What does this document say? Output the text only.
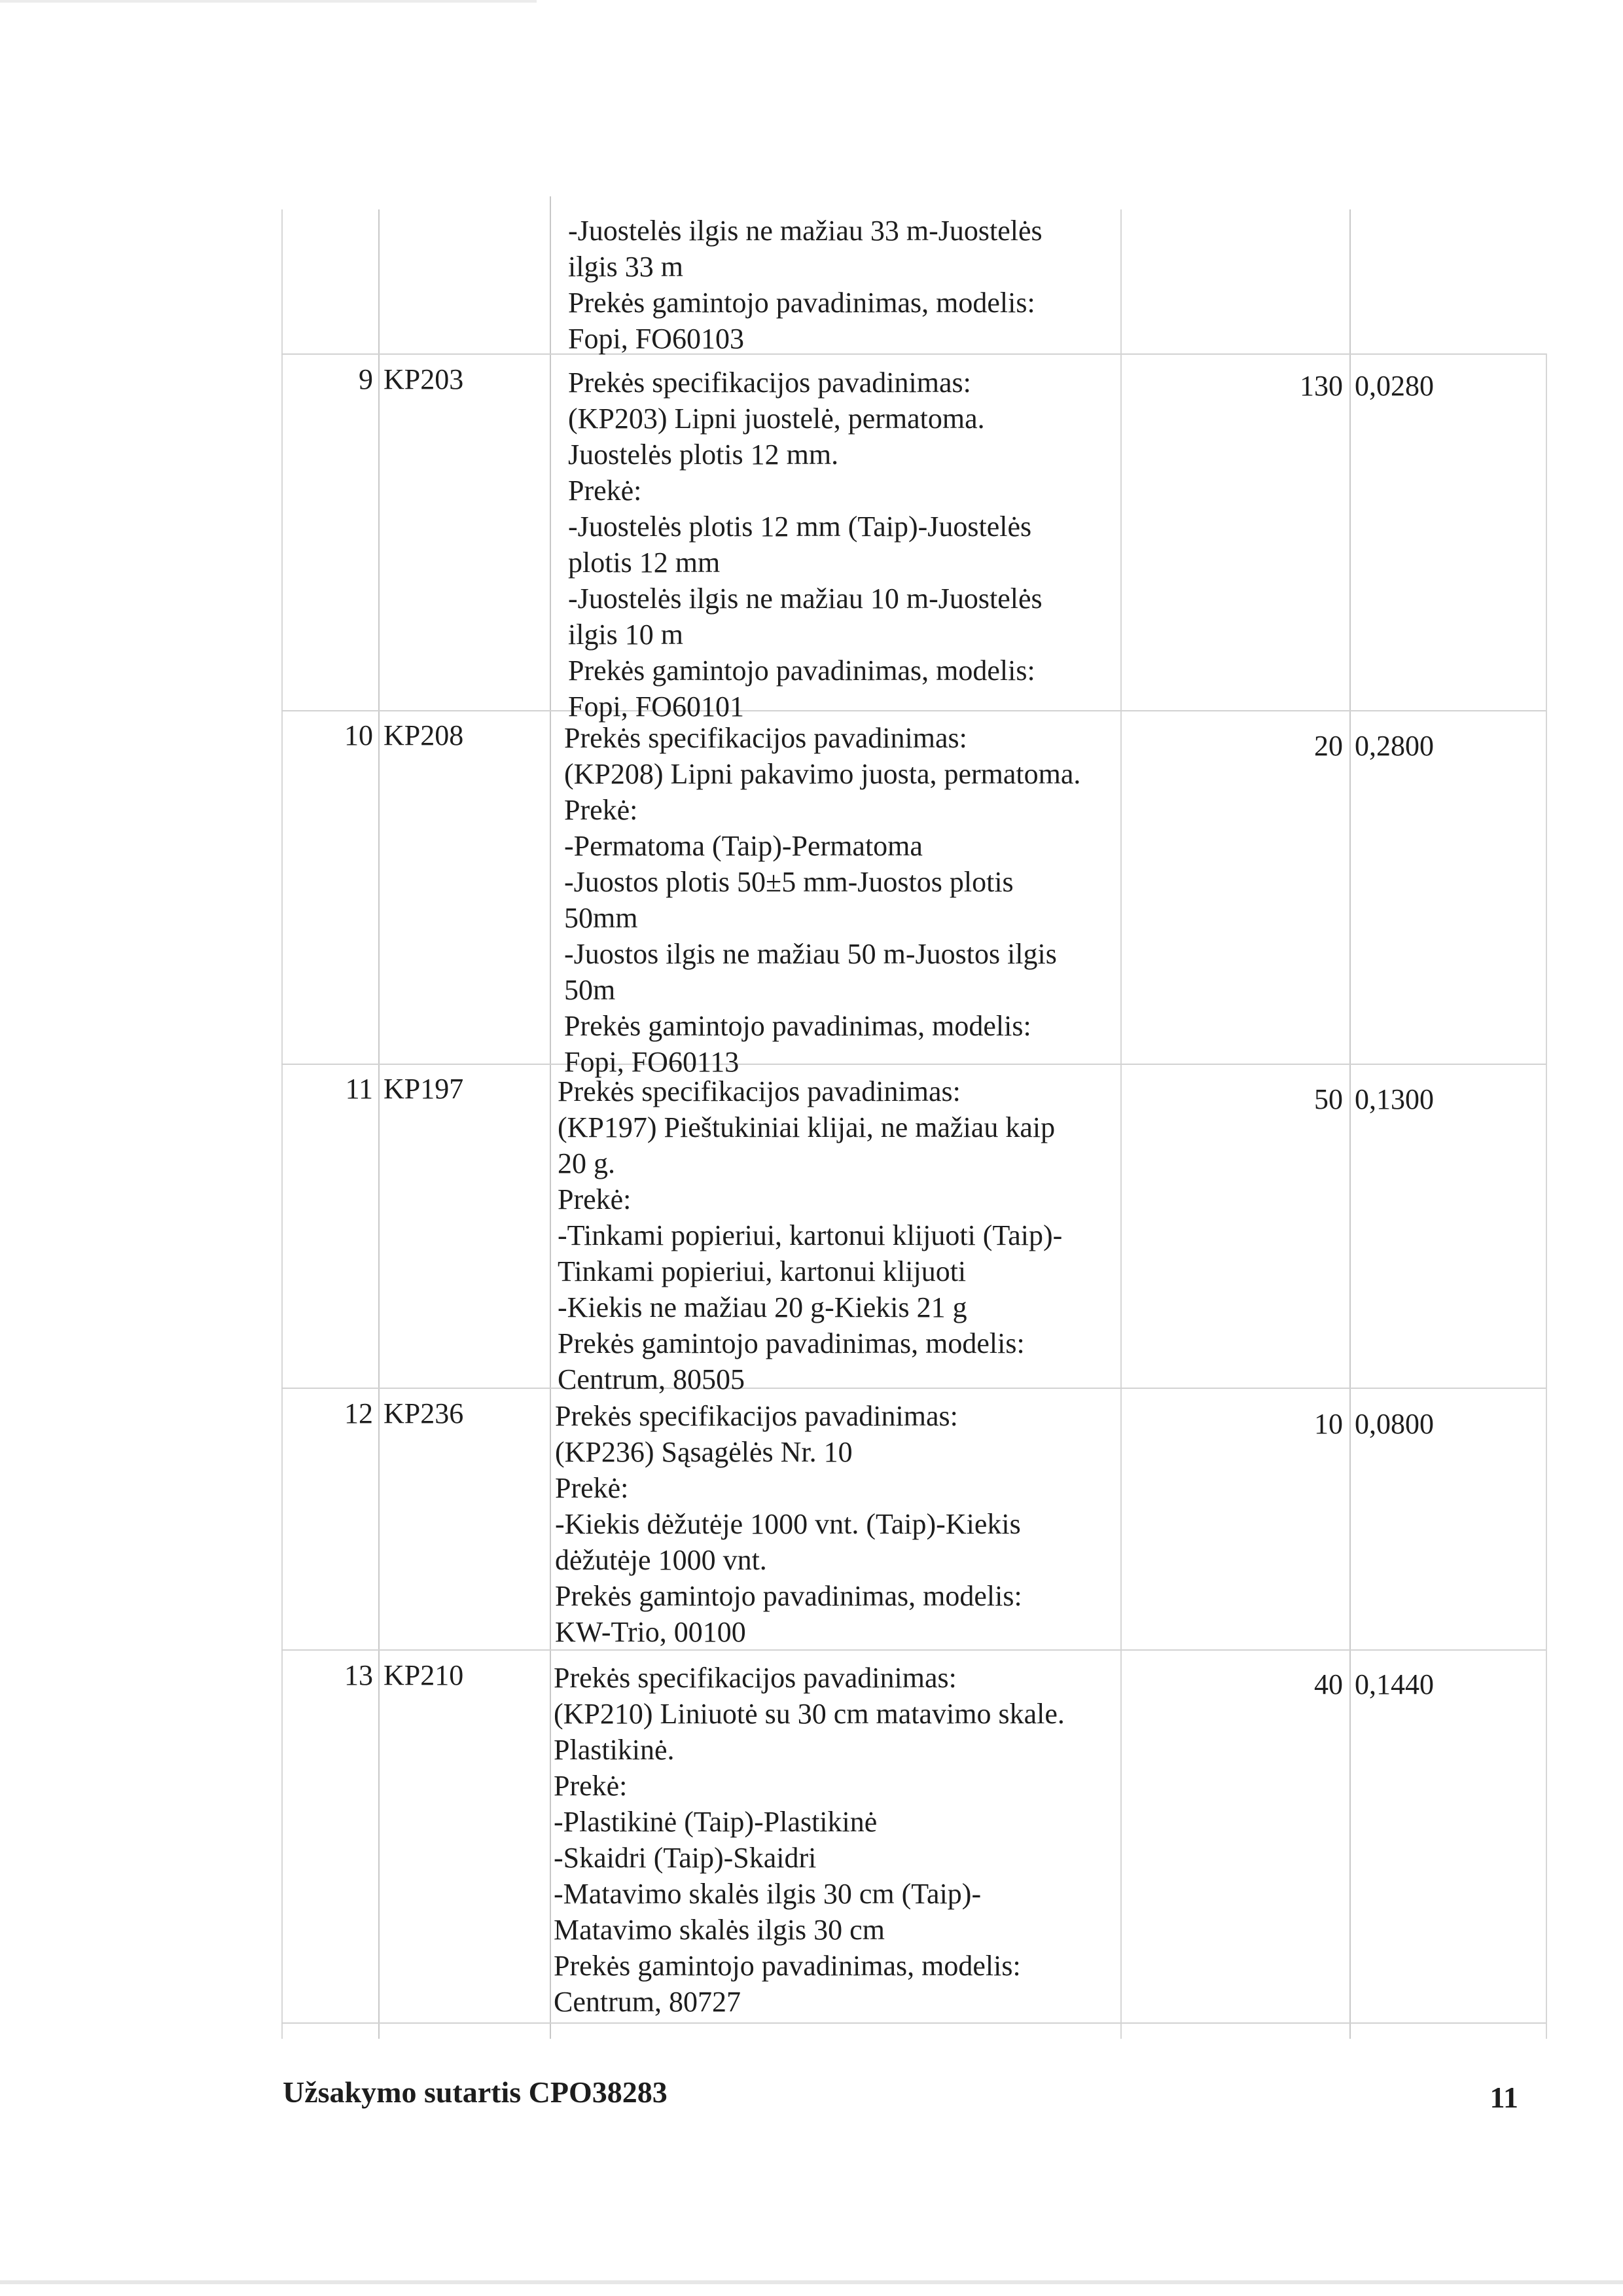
-Juostelės ilgis ne mažiau 33 m-Juostelės
ilgis 33 m
Prekės gamintojo pavadinimas, modelis:
Fopi, FO60103
9 KP203	Prekės specifikacijos pavadinimas:
(KP203) Lipni juostelė, permatoma.
Juostelės plotis 12 mm.
Prekė:
-Juostelės plotis 12 mm (Taip)-Juostelės
plotis 12 mm
-Juostelės ilgis ne mažiau 10 m-Juostelės
ilgis 10 m
Prekės gamintojo pavadinimas, modelis:
Fopi, FO60101
130 0,0280
10 KP208	Prekės specifikacijos pavadinimas:
(KP208) Lipni pakavimo juosta, permatoma.
Prekė:
-Permatoma (Taip)-Permatoma
-Juostos plotis 50±5 mm-Juostos plotis
50mm
-Juostos ilgis ne mažiau 50 m-Juostos ilgis
50m
Prekės gamintojo pavadinimas, modelis:
Fopi, FO60113
20 0,2800
11 KP197	Prekės specifikacijos pavadinimas:
(KP197) Pieštukiniai klijai, ne mažiau kaip
20 g.
Prekė:
-Tinkami popieriui, kartonui klijuoti (Taip)-
Tinkami popieriui, kartonui klijuoti
-Kiekis ne mažiau 20 g-Kiekis 21 g
Prekės gamintojo pavadinimas, modelis:
Centrum, 80505
50 0,1300
12 KP236	Prekės specifikacijos pavadinimas:
(KP236) Sąsagėlės Nr. 10
Prekė:
-Kiekis dėžutėje 1000 vnt. (Taip)-Kiekis
dėžutėje 1000 vnt.
Prekės gamintojo pavadinimas, modelis:
KW-Trio, 00100
10 0,0800
13 KP210	Prekės specifikacijos pavadinimas:
(KP210) Liniuotė su 30 cm matavimo skale.
Plastikinė.
Prekė:
-Plastikinė (Taip)-Plastikinė
-Skaidri (Taip)-Skaidri
-Matavimo skalės ilgis 30 cm (Taip)-
Matavimo skalės ilgis 30 cm
Prekės gamintojo pavadinimas, modelis:
Centrum, 80727
40 0,1440
Užsakymo sutartis CPO38283	11
